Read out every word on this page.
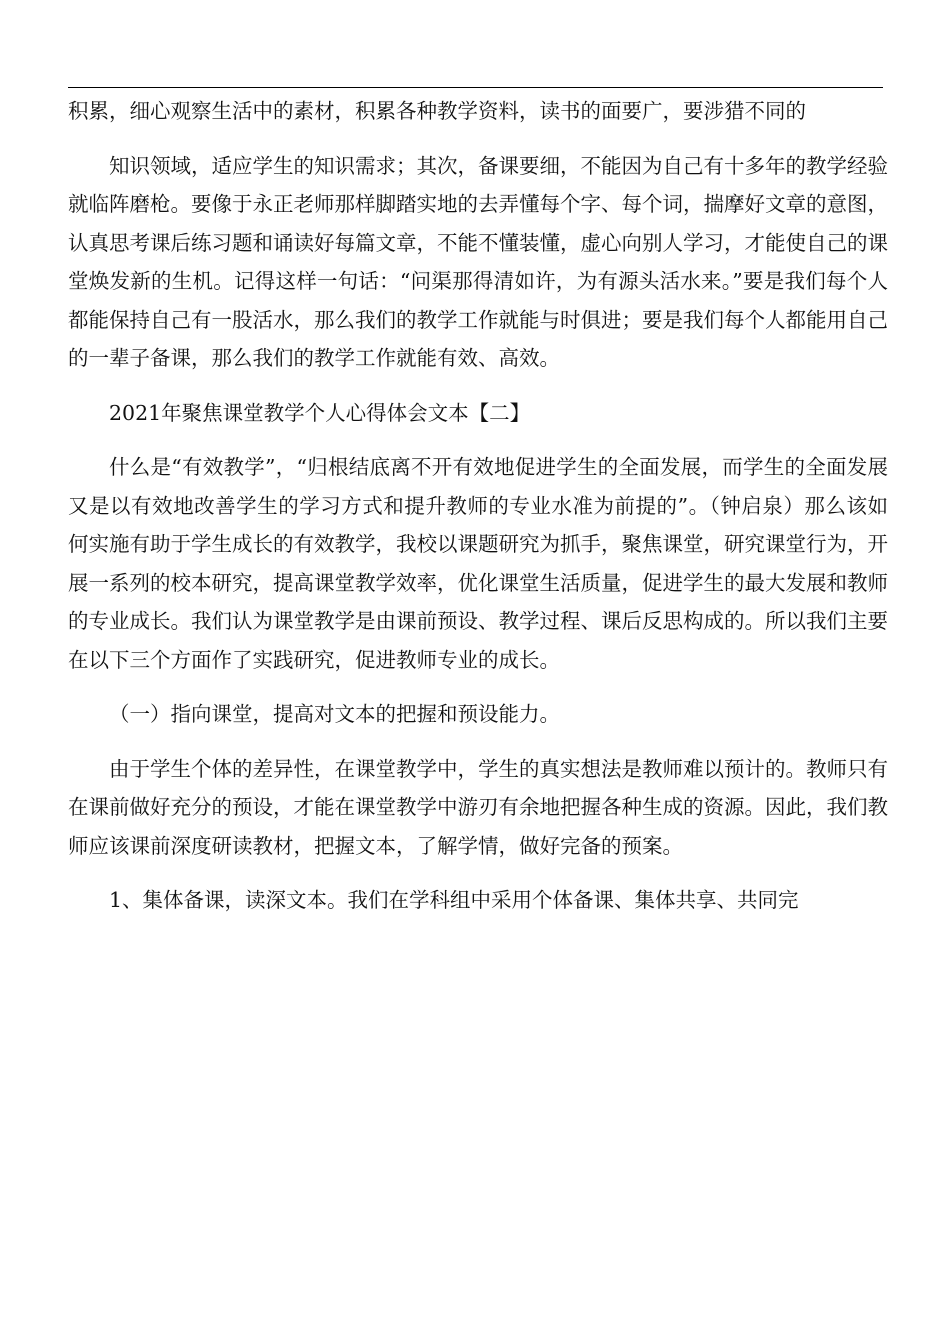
积累，细心观察生活中的素材，积累各种教学资料，读书的面要广，要涉猎不同的

知识领域，适应学生的知识需求；其次，备课要细，不能因为自己有十多年的教学经验就临阵磨枪。要像于永正老师那样脚踏实地的去弄懂每个字、每个词，揣摩好文章的意图，认真思考课后练习题和诵读好每篇文章，不能不懂装懂，虚心向别人学习，才能使自己的课堂焕发新的生机。记得这样一句话：“问渠那得清如许，为有源头活水来。”要是我们每个人都能保持自己有一股活水，那么我们的教学工作就能与时俱进；要是我们每个人都能用自己的一辈子备课，那么我们的教学工作就能有效、高效。

2021年聚焦课堂教学个人心得体会文本【二】

什么是“有效教学”，“归根结底离不开有效地促进学生的全面发展，而学生的全面发展又是以有效地改善学生的学习方式和提升教师的专业水准为前提的”。（钟启泉）那么该如何实施有助于学生成长的有效教学，我校以课题研究为抓手，聚焦课堂，研究课堂行为，开展一系列的校本研究，提高课堂教学效率，优化课堂生活质量，促进学生的最大发展和教师的专业成长。我们认为课堂教学是由课前预设、教学过程、课后反思构成的。所以我们主要在以下三个方面作了实践研究，促进教师专业的成长。

（一）指向课堂，提高对文本的把握和预设能力。

由于学生个体的差异性，在课堂教学中，学生的真实想法是教师难以预计的。教师只有在课前做好充分的预设，才能在课堂教学中游刃有余地把握各种生成的资源。因此，我们教师应该课前深度研读教材，把握文本，了解学情，做好完备的预案。

1、集体备课，读深文本。我们在学科组中采用个体备课、集体共享、共同完
